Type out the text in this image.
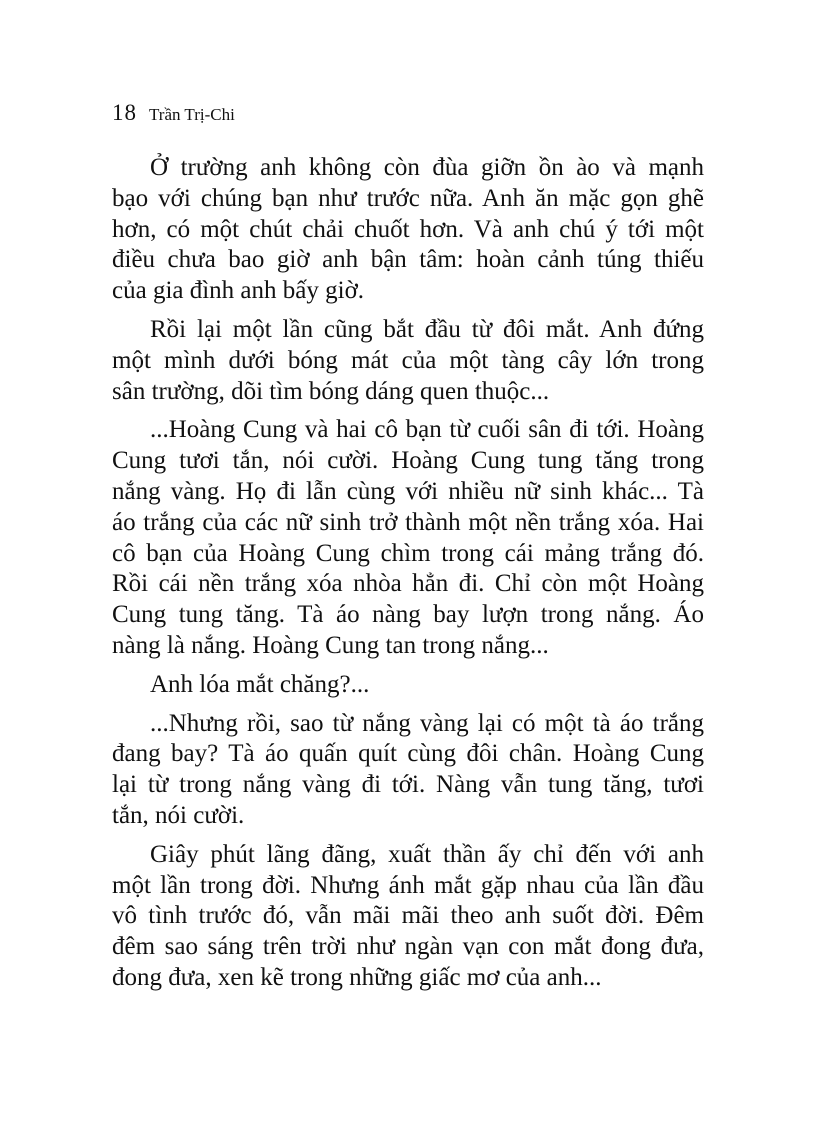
18 Trần Trị-Chi
Ở trường anh không còn đùa giỡn ồn ào và mạnh
bạo với chúng bạn như trước nữa. Anh ăn mặc gọn ghẽ
hơn, có một chút chải chuốt hơn. Và anh chú ý tới một
điều chưa bao giờ anh bận tâm: hoàn cảnh túng thiếu
của gia đình anh bấy giờ.
Rồi lại một lần cũng bắt đầu từ đôi mắt. Anh đứng
một mình dưới bóng mát của một tàng cây lớn trong
sân trường, dõi tìm bóng dáng quen thuộc...
...Hoàng Cung và hai cô bạn từ cuối sân đi tới. Hoàng
Cung tươi tắn, nói cười. Hoàng Cung tung tăng trong
nắng vàng. Họ đi lẫn cùng với nhiều nữ sinh khác... Tà
áo trắng của các nữ sinh trở thành một nền trắng xóa. Hai
cô bạn của Hoàng Cung chìm trong cái mảng trắng đó.
Rồi cái nền trắng xóa nhòa hẳn đi. Chỉ còn một Hoàng
Cung tung tăng. Tà áo nàng bay lượn trong nắng. Áo
nàng là nắng. Hoàng Cung tan trong nắng...
Anh lóa mắt chăng?...
...Nhưng rồi, sao từ nắng vàng lại có một tà áo trắng
đang bay? Tà áo quấn quít cùng đôi chân. Hoàng Cung
lại từ trong nắng vàng đi tới. Nàng vẫn tung tăng, tươi
tắn, nói cười.
Giây phút lãng đãng, xuất thần ấy chỉ đến với anh
một lần trong đời. Nhưng ánh mắt gặp nhau của lần đầu
vô tình trước đó, vẫn mãi mãi theo anh suốt đời. Đêm
đêm sao sáng trên trời như ngàn vạn con mắt đong đưa,
đong đưa, xen kẽ trong những giấc mơ của anh...
